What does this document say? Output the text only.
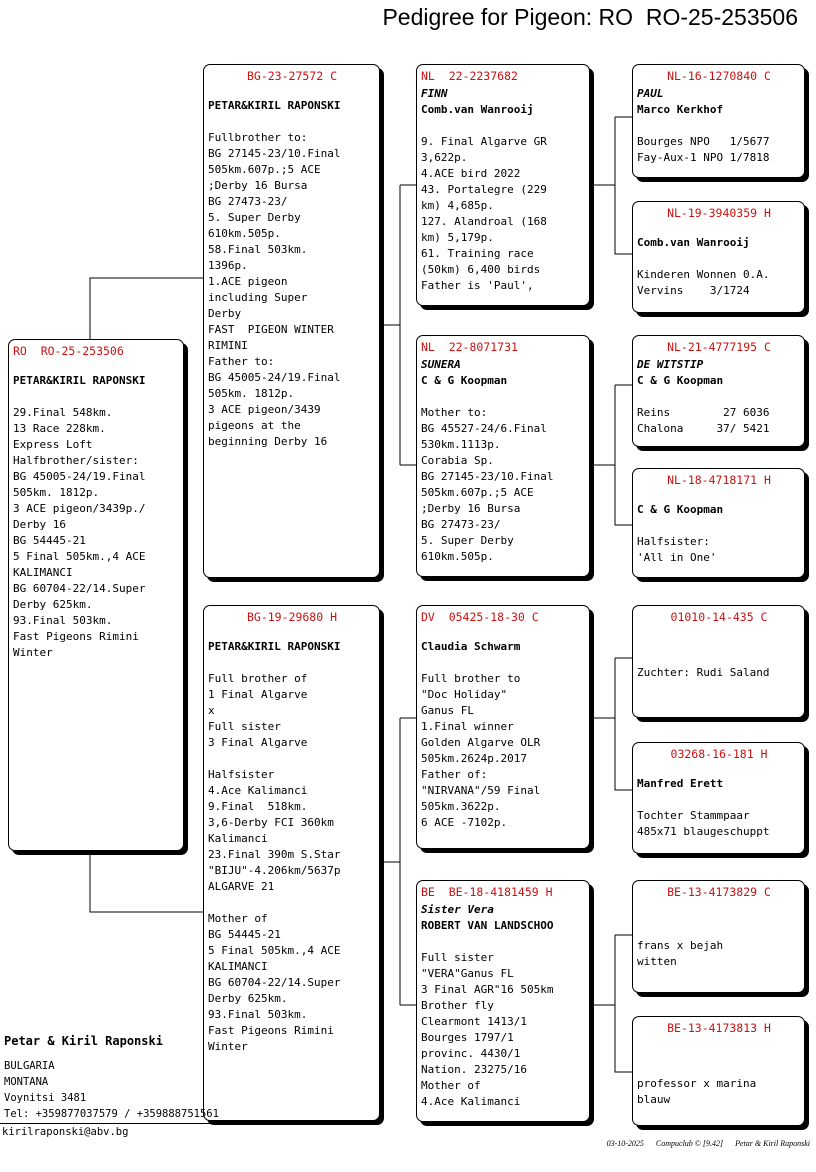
Pedigree for Pigeon: RO  RO-25-253506
RO  RO-25-253506
PETAR&KIRIL RAPONSKI
29.Final 548km.
13 Race 228km.
Express Loft
Halfbrother/sister:
BG 45005-24/19.Final
505km. 1812p.
3 ACE pigeon/3439p./
Derby 16
BG 54445-21
5 Final 505km.,4 ACE
KALIMANCI
BG 60704-22/14.Super
Derby 625km.
93.Final 503km.
Fast Pigeons Rimini
Winter
BG-23-27572 C
PETAR&KIRIL RAPONSKI
Fullbrother to:
BG 27145-23/10.Final
505km.607p.;5 ACE
;Derby 16 Bursa
BG 27473-23/
5. Super Derby
610km.505p.
58.Final 503km.
1396p.
1.ACE pigeon
including Super
Derby
FAST  PIGEON WINTER
RIMINI
Father to:
BG 45005-24/19.Final
505km. 1812p.
3 ACE pigeon/3439
pigeons at the
beginning Derby 16
BG-19-29680 H
PETAR&KIRIL RAPONSKI
Full brother of
1 Final Algarve
x
Full sister
3 Final Algarve

Halfsister
4.Ace Kalimanci
9.Final  518km.
3,6-Derby FCI 360km
Kalimanci
23.Final 390m S.Star
"BIJU"-4.206km/5637p
ALGARVE 21

Mother of
BG 54445-21
5 Final 505km.,4 ACE
KALIMANCI
BG 60704-22/14.Super
Derby 625km.
93.Final 503km.
Fast Pigeons Rimini
Winter
NL  22-2237682
FINN
Comb.van Wanrooij
9. Final Algarve GR
3,622p.
4.ACE bird 2022
43. Portalegre (229
km) 4,685p.
127. Alandroal (168
km) 5,179p.
61. Training race
(50km) 6,400 birds
Father is 'Paul',
NL  22-8071731
SUNERA
C & G Koopman
Mother to:
BG 45527-24/6.Final
530km.1113p.
Corabia Sp.
BG 27145-23/10.Final
505km.607p.;5 ACE
;Derby 16 Bursa
BG 27473-23/
5. Super Derby
610km.505p.
DV  05425-18-30 C
Claudia Schwarm
Full brother to
"Doc Holiday"
Ganus FL
1.Final winner
Golden Algarve OLR
505km.2624p.2017
Father of:
"NIRVANA"/59 Final
505km.3622p.
6 ACE -7102p.
BE  BE-18-4181459 H
Sister Vera
ROBERT VAN LANDSCHOO
Full sister
"VERA"Ganus FL
3 Final AGR"16 505km
Brother fly
Clearmont 1413/1
Bourges 1797/1
provinc. 4430/1
Nation. 23275/16
Mother of
4.Ace Kalimanci
NL-16-1270840 C
PAUL
Marco Kerkhof
Bourges NPO   1/5677
Fay-Aux-1 NPO 1/7818
NL-19-3940359 H
Comb.van Wanrooij
Kinderen Wonnen 0.A.
Vervins    3/1724
NL-21-4777195 C
DE WITSTIP
C & G Koopman
Reins        27 6036
Chalona     37/ 5421
NL-18-4718171 H
C & G Koopman
Halfsister:
'All in One'
01010-14-435 C
Zuchter: Rudi Saland
03268-16-181 H
Manfred Erett
Tochter Stammpaar
485x71 blaugeschuppt
BE-13-4173829 C
frans x bejah
witten
BE-13-4173813 H
professor x marina
blauw
Petar & Kiril Raponski
BULGARIA
MONTANA
Voynitsi 3481
Tel: +359877037579 / +359888751561
kirilraponski@abv.bg
03-10-2025 Compuclub © [9.42] Petar & Kiril Raponski
